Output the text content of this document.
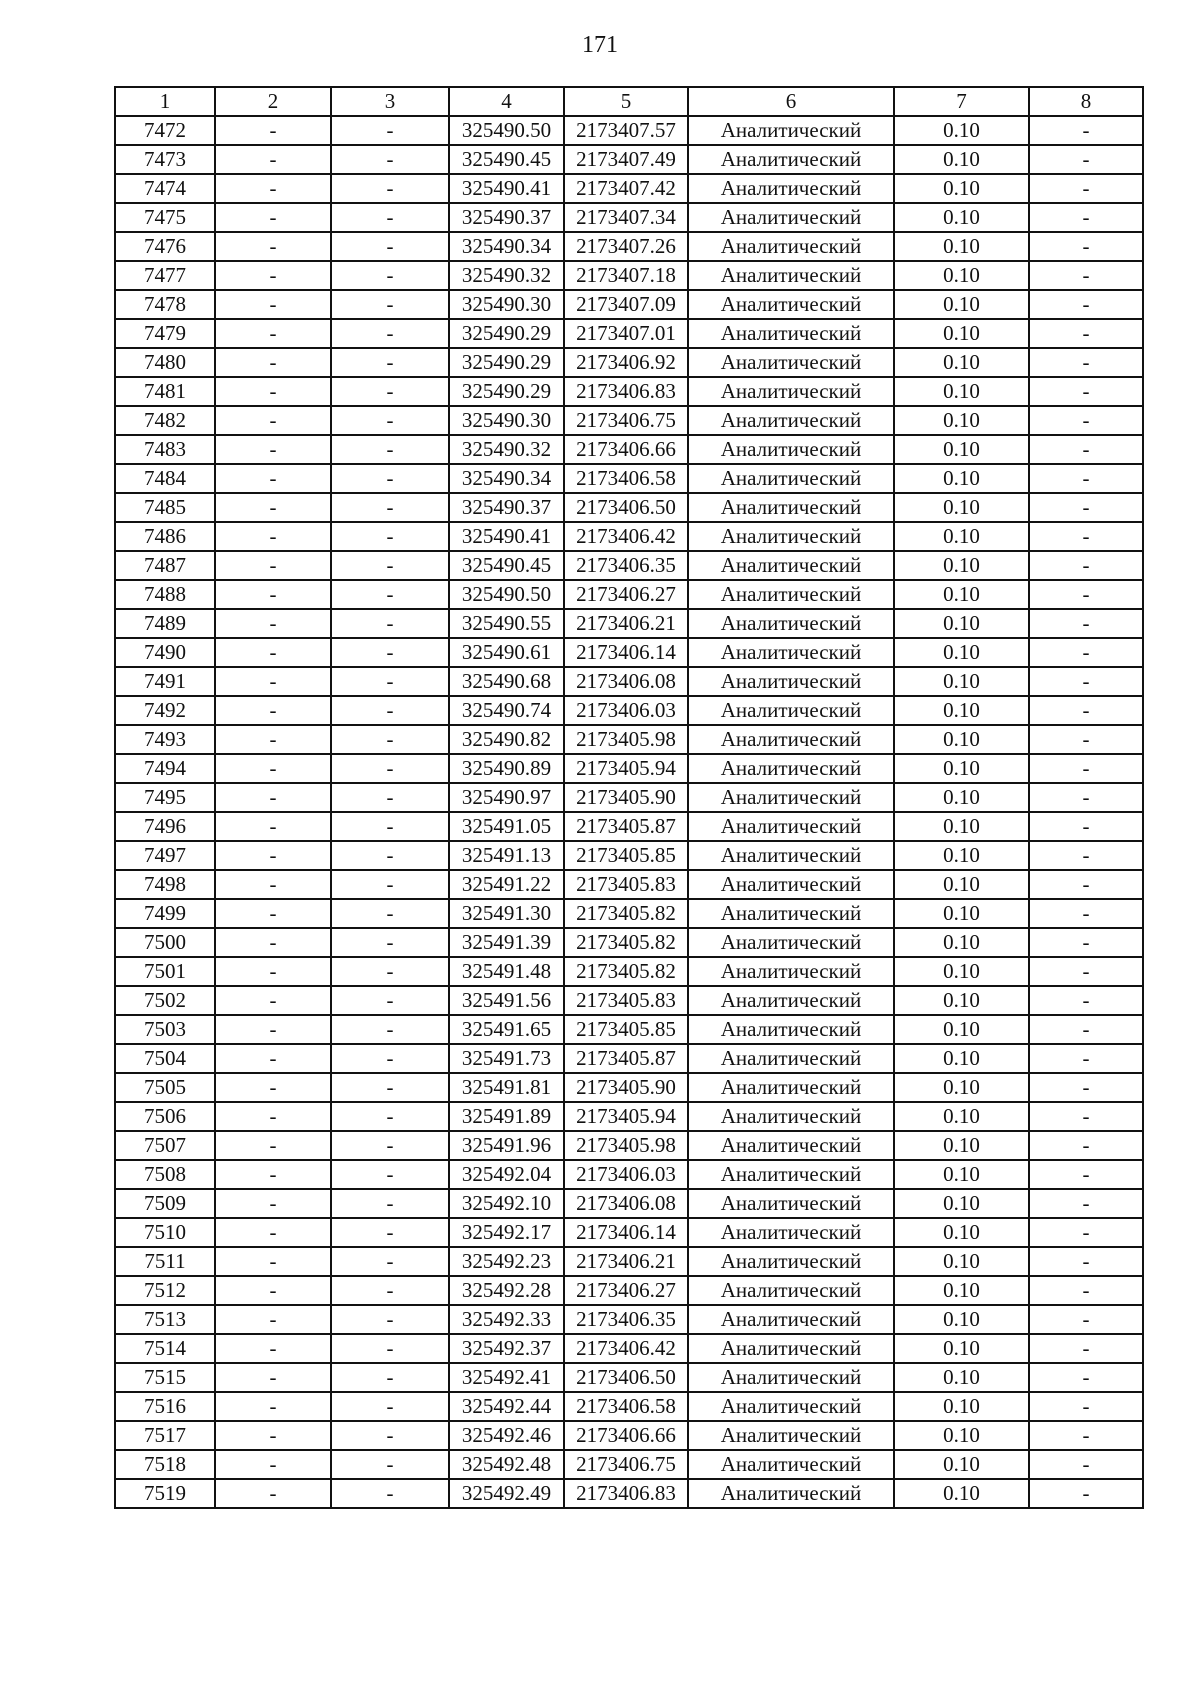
171
1	2	3	4	5	6	7	8
7472	-	-	325490.50	2173407.57	Аналитический	0.10	-
7473	-	-	325490.45	2173407.49	Аналитический	0.10	-
7474	-	-	325490.41	2173407.42	Аналитический	0.10	-
7475	-	-	325490.37	2173407.34	Аналитический	0.10	-
7476	-	-	325490.34	2173407.26	Аналитический	0.10	-
7477	-	-	325490.32	2173407.18	Аналитический	0.10	-
7478	-	-	325490.30	2173407.09	Аналитический	0.10	-
7479	-	-	325490.29	2173407.01	Аналитический	0.10	-
7480	-	-	325490.29	2173406.92	Аналитический	0.10	-
7481	-	-	325490.29	2173406.83	Аналитический	0.10	-
7482	-	-	325490.30	2173406.75	Аналитический	0.10	-
7483	-	-	325490.32	2173406.66	Аналитический	0.10	-
7484	-	-	325490.34	2173406.58	Аналитический	0.10	-
7485	-	-	325490.37	2173406.50	Аналитический	0.10	-
7486	-	-	325490.41	2173406.42	Аналитический	0.10	-
7487	-	-	325490.45	2173406.35	Аналитический	0.10	-
7488	-	-	325490.50	2173406.27	Аналитический	0.10	-
7489	-	-	325490.55	2173406.21	Аналитический	0.10	-
7490	-	-	325490.61	2173406.14	Аналитический	0.10	-
7491	-	-	325490.68	2173406.08	Аналитический	0.10	-
7492	-	-	325490.74	2173406.03	Аналитический	0.10	-
7493	-	-	325490.82	2173405.98	Аналитический	0.10	-
7494	-	-	325490.89	2173405.94	Аналитический	0.10	-
7495	-	-	325490.97	2173405.90	Аналитический	0.10	-
7496	-	-	325491.05	2173405.87	Аналитический	0.10	-
7497	-	-	325491.13	2173405.85	Аналитический	0.10	-
7498	-	-	325491.22	2173405.83	Аналитический	0.10	-
7499	-	-	325491.30	2173405.82	Аналитический	0.10	-
7500	-	-	325491.39	2173405.82	Аналитический	0.10	-
7501	-	-	325491.48	2173405.82	Аналитический	0.10	-
7502	-	-	325491.56	2173405.83	Аналитический	0.10	-
7503	-	-	325491.65	2173405.85	Аналитический	0.10	-
7504	-	-	325491.73	2173405.87	Аналитический	0.10	-
7505	-	-	325491.81	2173405.90	Аналитический	0.10	-
7506	-	-	325491.89	2173405.94	Аналитический	0.10	-
7507	-	-	325491.96	2173405.98	Аналитический	0.10	-
7508	-	-	325492.04	2173406.03	Аналитический	0.10	-
7509	-	-	325492.10	2173406.08	Аналитический	0.10	-
7510	-	-	325492.17	2173406.14	Аналитический	0.10	-
7511	-	-	325492.23	2173406.21	Аналитический	0.10	-
7512	-	-	325492.28	2173406.27	Аналитический	0.10	-
7513	-	-	325492.33	2173406.35	Аналитический	0.10	-
7514	-	-	325492.37	2173406.42	Аналитический	0.10	-
7515	-	-	325492.41	2173406.50	Аналитический	0.10	-
7516	-	-	325492.44	2173406.58	Аналитический	0.10	-
7517	-	-	325492.46	2173406.66	Аналитический	0.10	-
7518	-	-	325492.48	2173406.75	Аналитический	0.10	-
7519	-	-	325492.49	2173406.83	Аналитический	0.10	-
